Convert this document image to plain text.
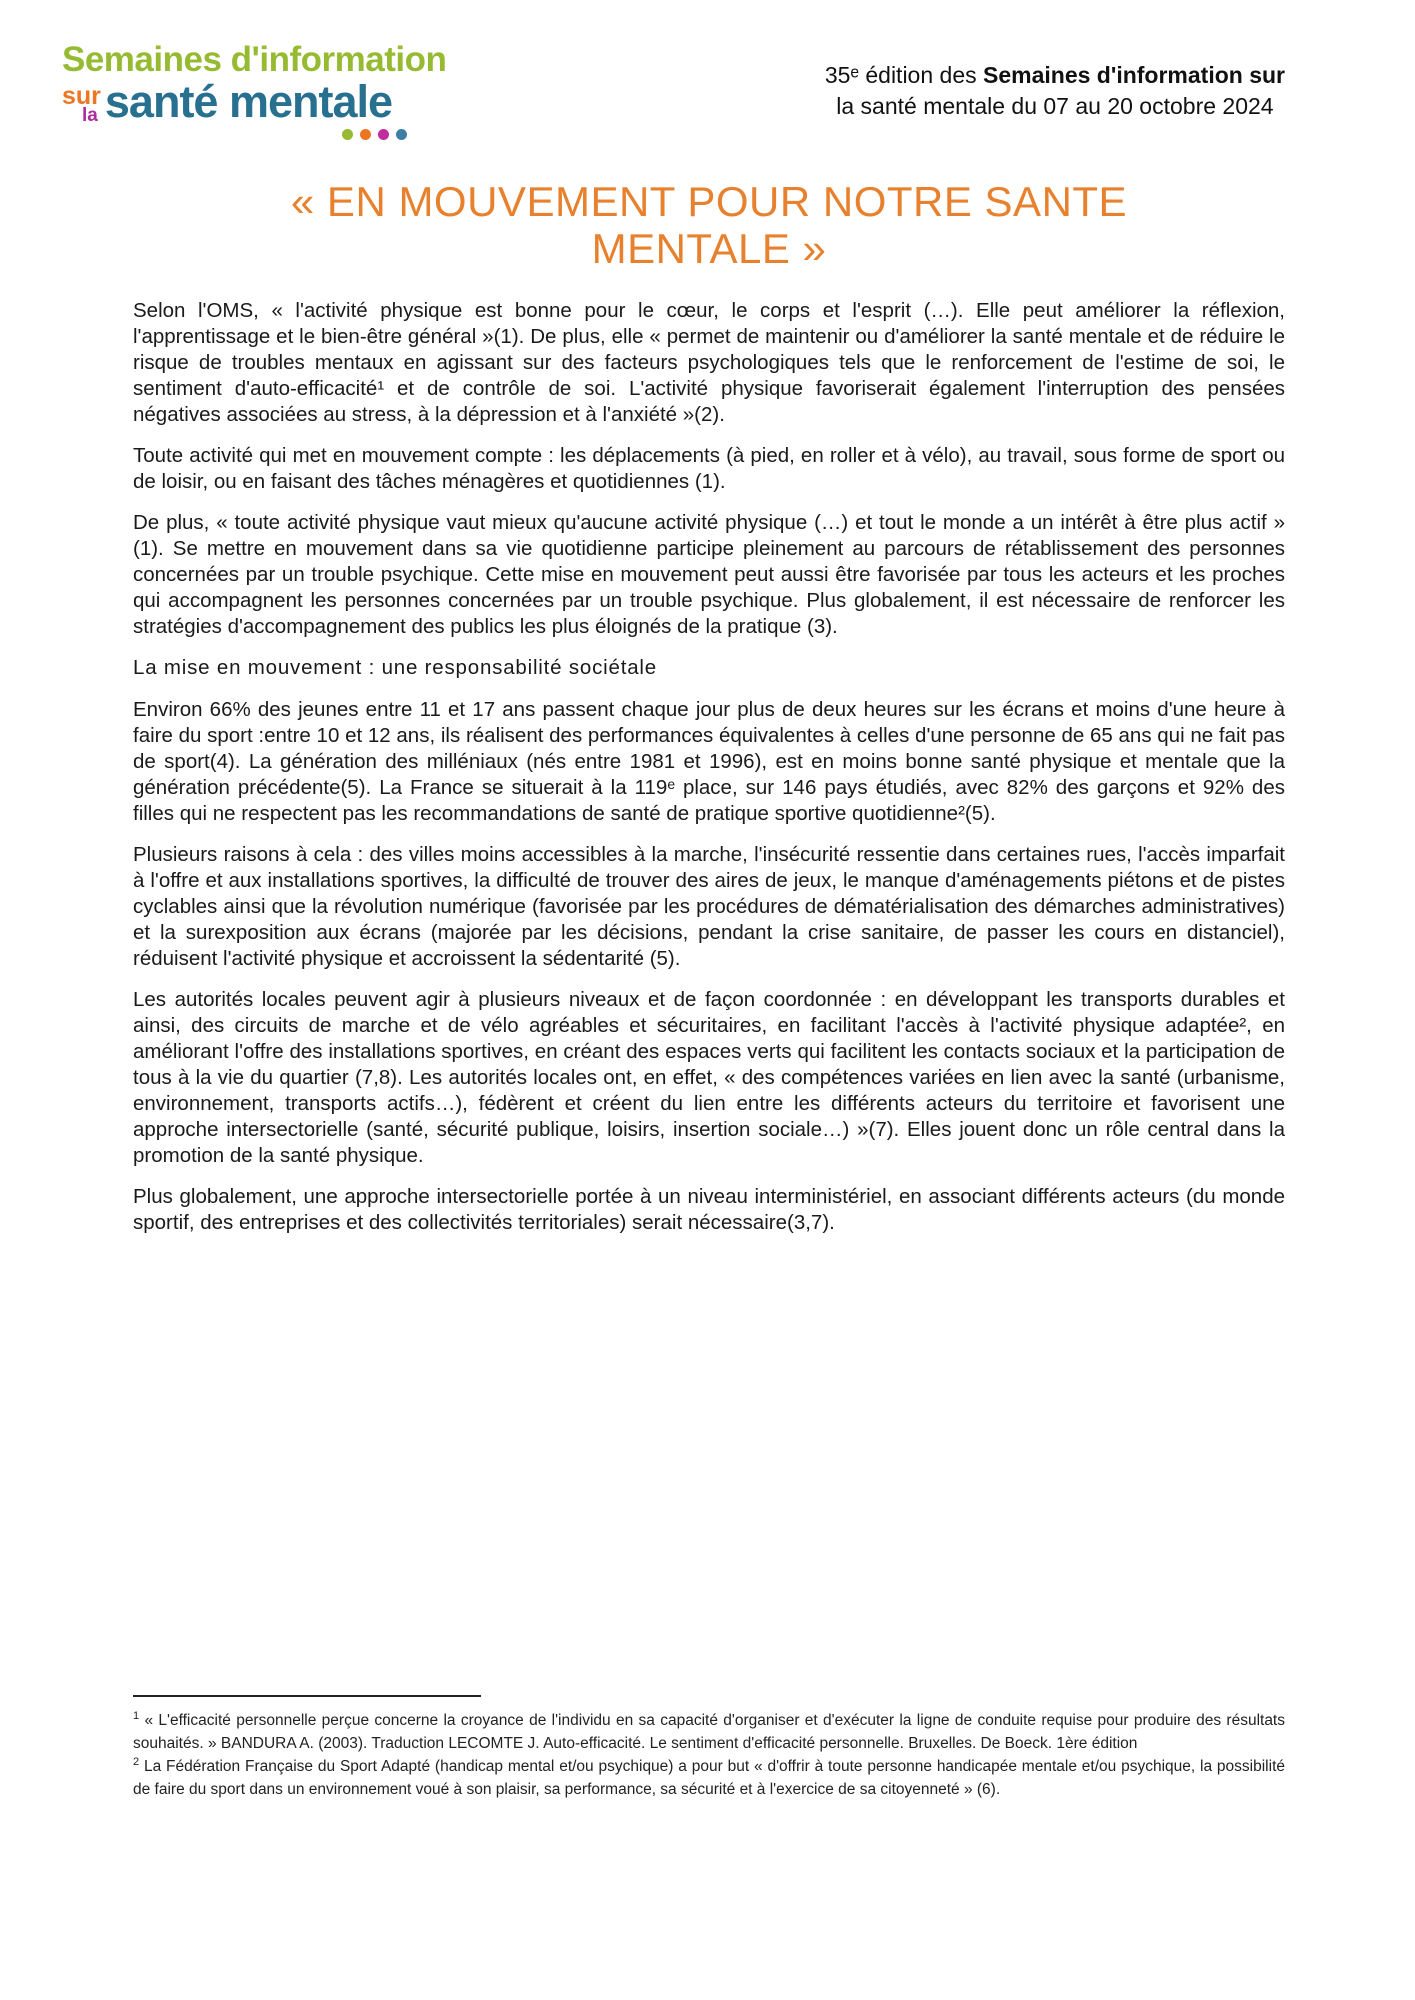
Semaines d'information
sur
la santé mentale
35ᵉ édition des Semaines d'information sur
la santé mentale du 07 au 20 octobre 2024
« EN MOUVEMENT POUR NOTRE SANTE
MENTALE »

Selon l'OMS, « l'activité physique est bonne pour le cœur, le corps et l'esprit (…). Elle peut améliorer la réflexion, l'apprentissage et le bien-être général »(1). De plus, elle « permet de maintenir ou d'améliorer la santé mentale et de réduire le risque de troubles mentaux en agissant sur des facteurs psychologiques tels que le renforcement de l'estime de soi, le sentiment d'auto-efficacité¹ et de contrôle de soi. L'activité physique favoriserait également l'interruption des pensées négatives associées au stress, à la dépression et à l'anxiété »(2).

Toute activité qui met en mouvement compte : les déplacements (à pied, en roller et à vélo), au travail, sous forme de sport ou de loisir, ou en faisant des tâches ménagères et quotidiennes (1).

De plus, « toute activité physique vaut mieux qu'aucune activité physique (…) et tout le monde a un intérêt à être plus actif » (1). Se mettre en mouvement dans sa vie quotidienne participe pleinement au parcours de rétablissement des personnes concernées par un trouble psychique. Cette mise en mouvement peut aussi être favorisée par tous les acteurs et les proches qui accompagnent les personnes concernées par un trouble psychique. Plus globalement, il est nécessaire de renforcer les stratégies d'accompagnement des publics les plus éloignés de la pratique (3).

La mise en mouvement : une responsabilité sociétale

Environ 66% des jeunes entre 11 et 17 ans passent chaque jour plus de deux heures sur les écrans et moins d'une heure à faire du sport :entre 10 et 12 ans, ils réalisent des performances équivalentes à celles d'une personne de 65 ans qui ne fait pas de sport(4). La génération des milléniaux (nés entre 1981 et 1996), est en moins bonne santé physique et mentale que la génération précédente(5). La France se situerait à la 119ᵉ place, sur 146 pays étudiés, avec 82% des garçons et 92% des filles qui ne respectent pas les recommandations de santé de pratique sportive quotidienne²(5).

Plusieurs raisons à cela : des villes moins accessibles à la marche, l'insécurité ressentie dans certaines rues, l'accès imparfait à l'offre et aux installations sportives, la difficulté de trouver des aires de jeux, le manque d'aménagements piétons et de pistes cyclables ainsi que la révolution numérique (favorisée par les procédures de dématérialisation des démarches administratives) et la surexposition aux écrans (majorée par les décisions, pendant la crise sanitaire, de passer les cours en distanciel), réduisent l'activité physique et accroissent la sédentarité (5).

Les autorités locales peuvent agir à plusieurs niveaux et de façon coordonnée : en développant les transports durables et ainsi, des circuits de marche et de vélo agréables et sécuritaires, en facilitant l'accès à l'activité physique adaptée², en améliorant l'offre des installations sportives, en créant des espaces verts qui facilitent les contacts sociaux et la participation de tous à la vie du quartier (7,8). Les autorités locales ont, en effet, « des compétences variées en lien avec la santé (urbanisme, environnement, transports actifs…), fédèrent et créent du lien entre les différents acteurs du territoire et favorisent une approche intersectorielle (santé, sécurité publique, loisirs, insertion sociale…) »(7). Elles jouent donc un rôle central dans la promotion de la santé physique.

Plus globalement, une approche intersectorielle portée à un niveau interministériel, en associant différents acteurs (du monde sportif, des entreprises et des collectivités territoriales) serait nécessaire(3,7).

$^1$ « L'efficacité personnelle perçue concerne la croyance de l'individu en sa capacité d'organiser et d'exécuter la ligne de conduite requise pour produire des résultats souhaités. » BANDURA A. (2003). Traduction LECOMTE J. Auto-efficacité. Le sentiment d'efficacité personnelle. Bruxelles. De Boeck. 1ère édition

$^2$ La Fédération Française du Sport Adapté (handicap mental et/ou psychique) a pour but « d'offrir à toute personne handicapée mentale et/ou psychique, la possibilité de faire du sport dans un environnement voué à son plaisir, sa performance, sa sécurité et à l'exercice de sa citoyenneté » (6).
